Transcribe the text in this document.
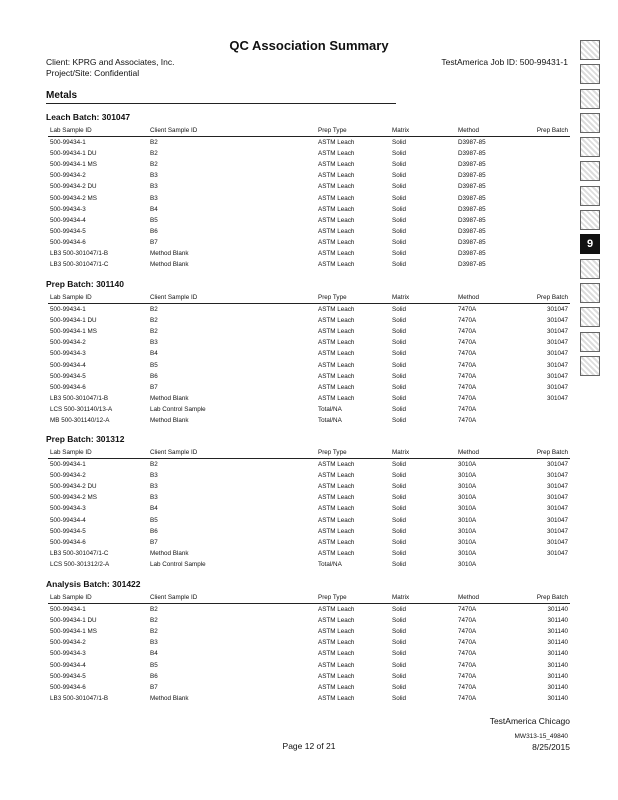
QC Association Summary
Client: KPRG and Associates, Inc.
Project/Site: Confidential
TestAmerica Job ID: 500-99431-1
Metals
Leach Batch: 301047
Lab Sample ID	Client Sample ID	Prep Type	Matrix	Method	Prep Batch
500-99434-1	B2	ASTM Leach	Solid	D3987-85	
500-99434-1 DU	B2	ASTM Leach	Solid	D3987-85	
500-99434-1 MS	B2	ASTM Leach	Solid	D3987-85	
500-99434-2	B3	ASTM Leach	Solid	D3987-85	
500-99434-2 DU	B3	ASTM Leach	Solid	D3987-85	
500-99434-2 MS	B3	ASTM Leach	Solid	D3987-85	
500-99434-3	B4	ASTM Leach	Solid	D3987-85	
500-99434-4	B5	ASTM Leach	Solid	D3987-85	
500-99434-5	B6	ASTM Leach	Solid	D3987-85	
500-99434-6	B7	ASTM Leach	Solid	D3987-85	
LB3 500-301047/1-B	Method Blank	ASTM Leach	Solid	D3987-85	
LB3 500-301047/1-C	Method Blank	ASTM Leach	Solid	D3987-85	
Prep Batch: 301140
Lab Sample ID	Client Sample ID	Prep Type	Matrix	Method	Prep Batch
500-99434-1	B2	ASTM Leach	Solid	7470A	301047
500-99434-1 DU	B2	ASTM Leach	Solid	7470A	301047
500-99434-1 MS	B2	ASTM Leach	Solid	7470A	301047
500-99434-2	B3	ASTM Leach	Solid	7470A	301047
500-99434-3	B4	ASTM Leach	Solid	7470A	301047
500-99434-4	B5	ASTM Leach	Solid	7470A	301047
500-99434-5	B6	ASTM Leach	Solid	7470A	301047
500-99434-6	B7	ASTM Leach	Solid	7470A	301047
LB3 500-301047/1-B	Method Blank	ASTM Leach	Solid	7470A	301047
LCS 500-301140/13-A	Lab Control Sample	Total/NA	Solid	7470A	
MB 500-301140/12-A	Method Blank	Total/NA	Solid	7470A	
Prep Batch: 301312
Lab Sample ID	Client Sample ID	Prep Type	Matrix	Method	Prep Batch
500-99434-1	B2	ASTM Leach	Solid	3010A	301047
500-99434-2	B3	ASTM Leach	Solid	3010A	301047
500-99434-2 DU	B3	ASTM Leach	Solid	3010A	301047
500-99434-2 MS	B3	ASTM Leach	Solid	3010A	301047
500-99434-3	B4	ASTM Leach	Solid	3010A	301047
500-99434-4	B5	ASTM Leach	Solid	3010A	301047
500-99434-5	B6	ASTM Leach	Solid	3010A	301047
500-99434-6	B7	ASTM Leach	Solid	3010A	301047
LB3 500-301047/1-C	Method Blank	ASTM Leach	Solid	3010A	301047
LCS 500-301312/2-A	Lab Control Sample	Total/NA	Solid	3010A	
Analysis Batch: 301422
Lab Sample ID	Client Sample ID	Prep Type	Matrix	Method	Prep Batch
500-99434-1	B2	ASTM Leach	Solid	7470A	301140
500-99434-1 DU	B2	ASTM Leach	Solid	7470A	301140
500-99434-1 MS	B2	ASTM Leach	Solid	7470A	301140
500-99434-2	B3	ASTM Leach	Solid	7470A	301140
500-99434-3	B4	ASTM Leach	Solid	7470A	301140
500-99434-4	B5	ASTM Leach	Solid	7470A	301140
500-99434-5	B6	ASTM Leach	Solid	7470A	301140
500-99434-6	B7	ASTM Leach	Solid	7470A	301140
LB3 500-301047/1-B	Method Blank	ASTM Leach	Solid	7470A	301140
TestAmerica Chicago
MW313-15_49840
Page 12 of 21	8/25/2015
9
